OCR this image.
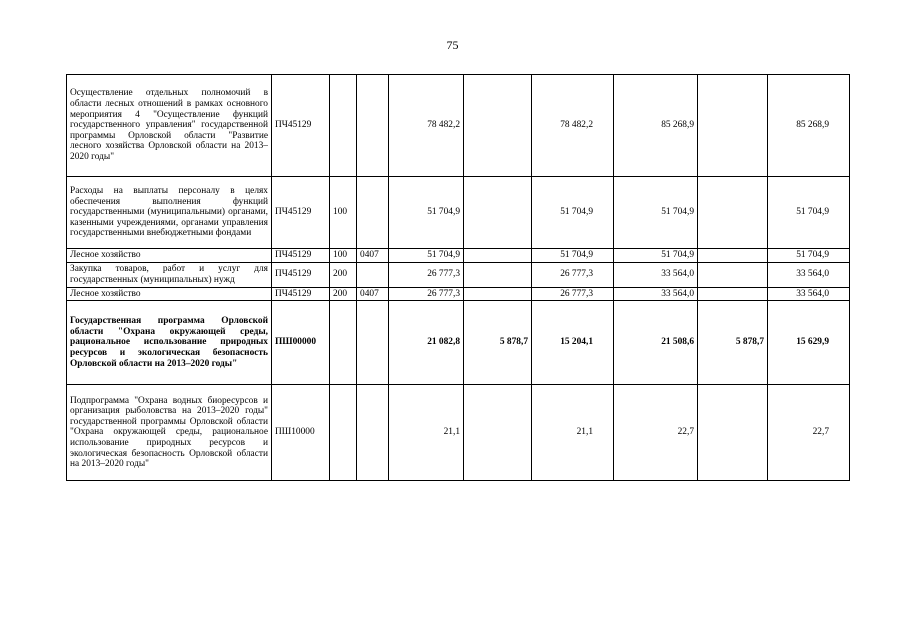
75
Осуществление отдельных полномочий в области лесных отношений в рамках основного мероприятия 4 "Осуществление функций государственного управления" государственной программы Орловской области "Развитие лесного хозяйства Орловской области на 2013–2020 годы"	ПЧ45129			78 482,2		78 482,2	85 268,9		85 268,9
Расходы на выплаты персоналу в целях обеспечения выполнения функций государственными (муниципальными) органами, казенными учреждениями, органами управления государственными внебюджетными фондами	ПЧ45129	100		51 704,9		51 704,9	51 704,9		51 704,9
Лесное хозяйство	ПЧ45129	100	0407	51 704,9		51 704,9	51 704,9		51 704,9
Закупка товаров, работ и услуг для государственных (муниципальных) нужд	ПЧ45129	200		26 777,3		26 777,3	33 564,0		33 564,0
Лесное хозяйство	ПЧ45129	200	0407	26 777,3		26 777,3	33 564,0		33 564,0
Государственная программа Орловской области "Охрана окружающей среды, рациональное использование природных ресурсов и экологическая безопасность Орловской области на 2013–2020 годы"	ПШ00000			21 082,8	5 878,7	15 204,1	21 508,6	5 878,7	15 629,9
Подпрограмма "Охрана водных биоресурсов и организация рыболовства на 2013–2020 годы" государственной программы Орловской области "Охрана окружающей среды, рациональное использование природных ресурсов и экологическая безопасность Орловской области на 2013–2020 годы"	ПШ10000			21,1		21,1	22,7		22,7
